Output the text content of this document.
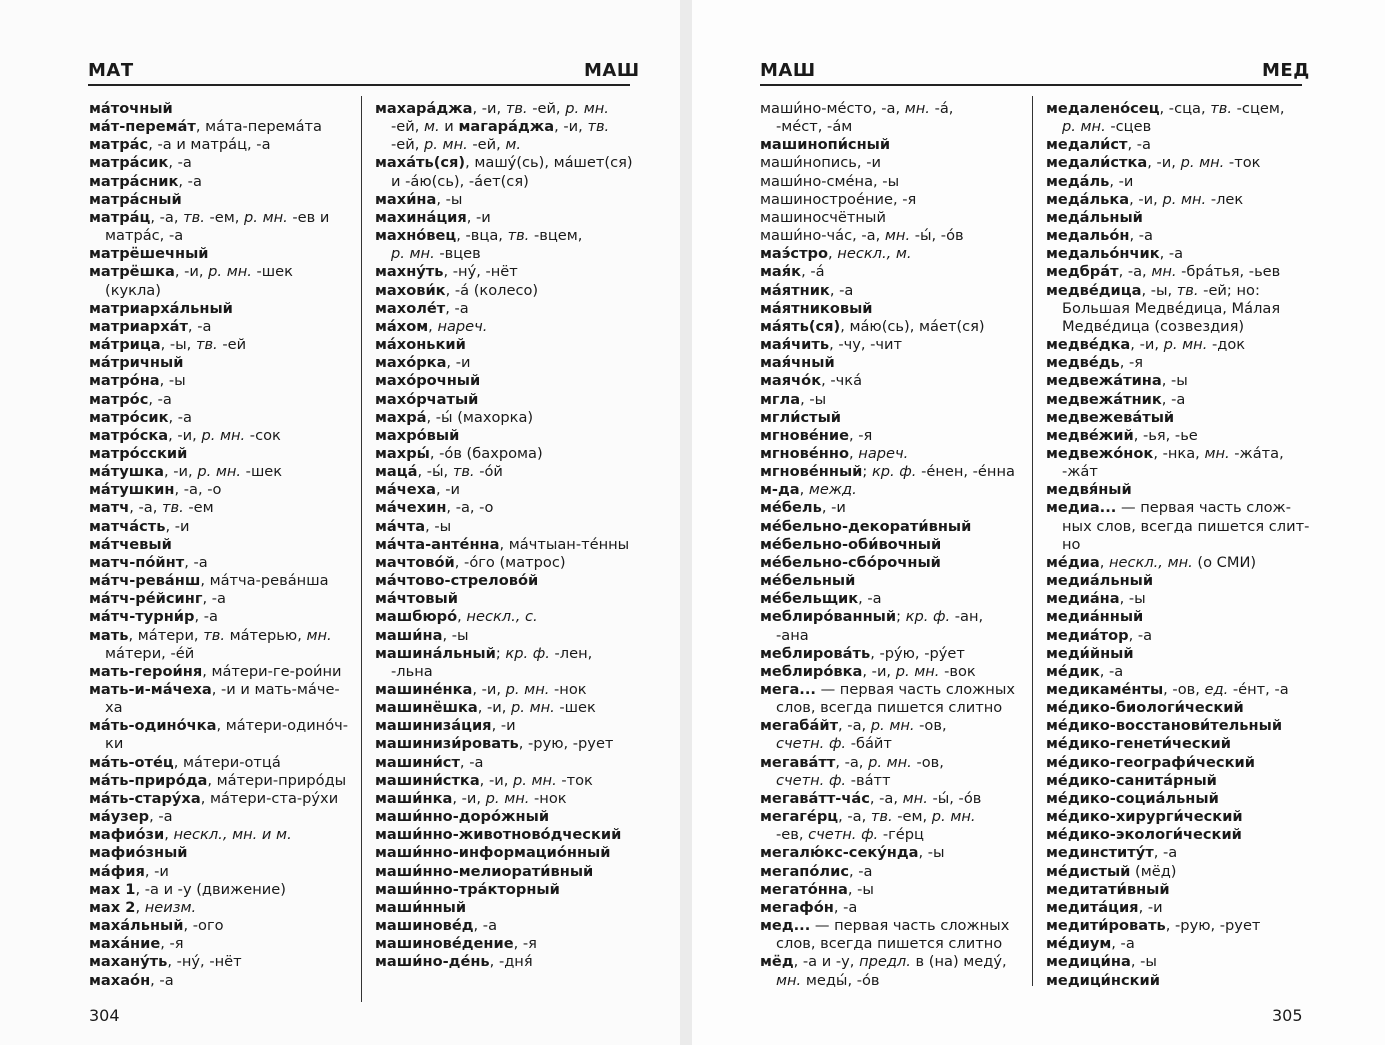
МАТ	МАШ	МАШ	МЕД
ма́точный
ма́т-перема́т, ма́та-перема́та
матра́с, -а и матра́ц, -а
матра́сик, -а
матра́сник, -а
матра́сный
матра́ц, -а, тв. -ем, р. мн. -ев и
матра́с, -а
матрёшечный
матрёшка, -и, р. мн. -шек
(кукла)
матриарха́льный
матриарха́т, -а
ма́трица, -ы, тв. -ей
ма́тричный
матро́на, -ы
матро́с, -а
матро́сик, -а
матро́ска, -и, р. мн. -сок
матро́сский
ма́тушка, -и, р. мн. -шек
ма́тушкин, -а, -о
матч, -а, тв. -ем
матча́сть, -и
ма́тчевый
матч-по́йнт, -а
ма́тч-рева́нш, ма́тча-рева́нша
ма́тч-ре́йсинг, -а
ма́тч-турни́р, -а
мать, ма́тери, тв. ма́терью, мн.
ма́тери, -е́й
мать-герои́ня, ма́тери-ге-рои́ни
мать-и-ма́чеха, -и и мать-ма́че-
ха
ма́ть-одино́чка, ма́тери-одино́ч-
ки
ма́ть-оте́ц, ма́тери-отца́
ма́ть-приро́да, ма́тери-приро́ды
ма́ть-стару́ха, ма́тери-ста-ру́хи
ма́узер, -а
мафио́зи, нескл., мн. и м.
мафио́зный
ма́фия, -и
мах 1, -а и -у (движение)
мах 2, неизм.
маха́льный, -ого
маха́ние, -я
махану́ть, -ну́, -нёт
махао́н, -а
махара́джа, -и, тв. -ей, р. мн.
-ей, м. и магара́джа, -и, тв.
-ей, р. мн. -ей, м.
маха́ть(ся), машу́(сь), ма́шет(ся)
и -а́ю(сь), -а́ет(ся)
махи́на, -ы
махина́ция, -и
махно́вец, -вца, тв. -вцем,
р. мн. -вцев
махну́ть, -ну́, -нёт
махови́к, -а́ (колесо)
махоле́т, -а
ма́хом, нареч.
ма́хонький
махо́рка, -и
махо́рочный
махо́рчатый
махра́, -ы́ (махорка)
махро́вый
махры́, -о́в (бахрома)
маца́, -ы́, тв. -о́й
ма́чеха, -и
ма́чехин, -а, -о
ма́чта, -ы
ма́чта-анте́нна, ма́чтыан-те́нны
мачтово́й, -о́го (матрос)
ма́чтово-стрелово́й
ма́чтовый
машбюро́, нескл., с.
маши́на, -ы
машина́льный; кр. ф. -лен,
-льна
машине́нка, -и, р. мн. -нок
машинёшка, -и, р. мн. -шек
машиниза́ция, -и
машинизи́ровать, -рую, -рует
машини́ст, -а
машини́стка, -и, р. мн. -ток
маши́нка, -и, р. мн. -нок
маши́нно-доро́жный
маши́нно-животново́дческий
маши́нно-информацио́нный
маши́нно-мелиорати́вный
маши́нно-тра́кторный
маши́нный
машинове́д, -а
машинове́дение, -я
маши́но-де́нь, -дня́
маши́но-ме́сто, -а, мн. -а́,
-ме́ст, -а́м
машинопи́сный
маши́нопись, -и
маши́но-сме́на, -ы
машинострое́ние, -я
машиносчётный
маши́но-ча́с, -а, мн. -ы́, -о́в
маэ́стро, нескл., м.
мая́к, -а́
ма́ятник, -а
ма́ятниковый
ма́ять(ся), ма́ю(сь), ма́ет(ся)
мая́чить, -чу, -чит
мая́чный
маячо́к, -чка́
мгла, -ы
мгли́стый
мгнове́ние, -я
мгнове́нно, нареч.
мгнове́нный; кр. ф. -е́нен, -е́нна
м-да, межд.
ме́бель, -и
ме́бельно-декорати́вный
ме́бельно-оби́вочный
ме́бельно-сбо́рочный
ме́бельный
ме́бельщик, -а
меблиро́ванный; кр. ф. -ан,
-ана
меблирова́ть, -ру́ю, -ру́ет
меблиро́вка, -и, р. мн. -вок
мега... — первая часть сложных
слов, всегда пишется слитно
мегаба́йт, -а, р. мн. -ов,
счетн. ф. -ба́йт
мегава́тт, -а, р. мн. -ов,
счетн. ф. -ва́тт
мегава́тт-ча́с, -а, мн. -ы́, -о́в
мегаге́рц, -а, тв. -ем, р. мн.
-ев, счетн. ф. -ге́рц
мегалю́кс-секу́нда, -ы
мегапо́лис, -а
мегато́нна, -ы
мегафо́н, -а
мед... — первая часть сложных
слов, всегда пишется слитно
мёд, -а и -у, предл. в (на) меду́,
мн. меды́, -о́в
медалено́сец, -сца, тв. -сцем,
р. мн. -сцев
медали́ст, -а
медали́стка, -и, р. мн. -ток
меда́ль, -и
меда́лька, -и, р. мн. -лек
меда́льный
медальо́н, -а
медальо́нчик, -а
медбра́т, -а, мн. -бра́тья, -ьев
медве́дица, -ы, тв. -ей; но:
Большая Медве́дица, Ма́лая
Медве́дица (созвездия)
медве́дка, -и, р. мн. -док
медве́дь, -я
медвежа́тина, -ы
медвежа́тник, -а
медвежева́тый
медве́жий, -ья, -ье
медвежо́нок, -нка, мн. -жа́та,
-жа́т
медвя́ный
медиа... — первая часть слож-
ных слов, всегда пишется слит-
но
ме́диа, нескл., мн. (о СМИ)
медиа́льный
медиа́на, -ы
медиа́нный
медиа́тор, -а
меди́йный
ме́дик, -а
медикаме́нты, -ов, ед. -е́нт, -а
ме́дико-биологи́ческий
ме́дико-восстанови́тельный
ме́дико-генети́ческий
ме́дико-географи́ческий
ме́дико-санита́рный
ме́дико-социа́льный
ме́дико-хирурги́ческий
ме́дико-экологи́ческий
мединститу́т, -а
ме́дистый (мёд)
медитати́вный
медита́ция, -и
медити́ровать, -рую, -рует
ме́диум, -а
медици́на, -ы
медици́нский
304	305
